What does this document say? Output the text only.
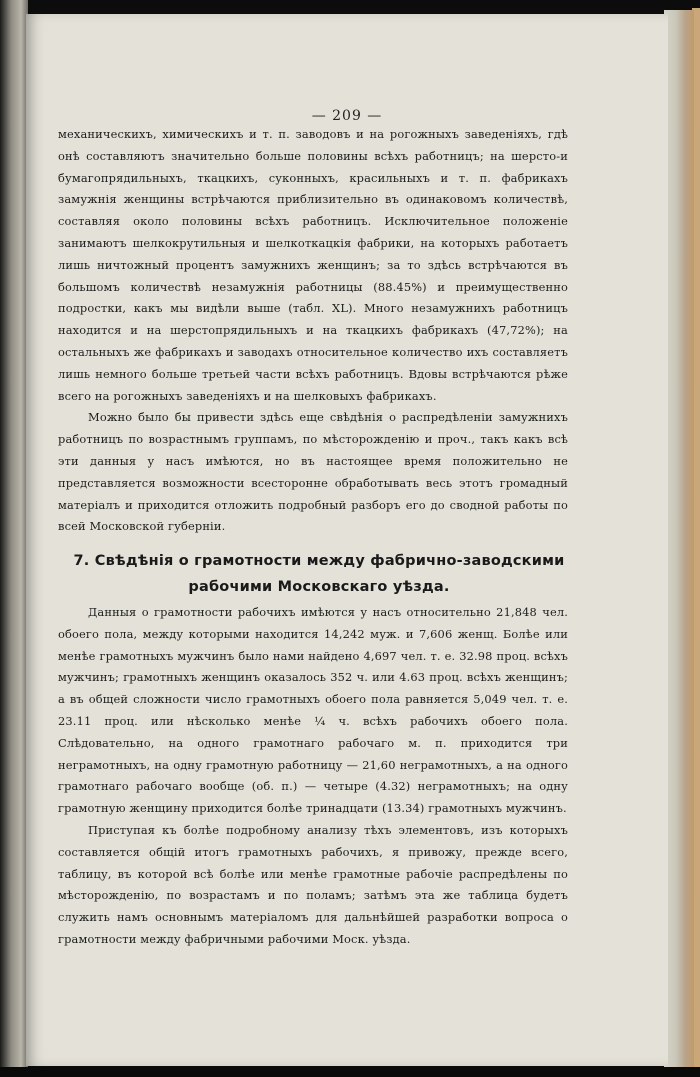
— 209 —

механическихъ, химическихъ и т. п. заводовъ и на рогожныхъ заведеніяхъ, гдѣ онѣ составляютъ значительно больше половины всѣхъ работницъ; на шерсто-и бумагопрядильныхъ, ткацкихъ, суконныхъ, красильныхъ и т. п. фабрикахъ замужнія женщины встрѣчаются приблизительно въ одинаковомъ количествѣ, составляя около половины всѣхъ работницъ. Исключительное положеніе занимаютъ шелкокрутильныя и шелкоткацкія фабрики, на которыхъ работаетъ лишь ничтожный процентъ замужнихъ женщинъ; за то здѣсь встрѣчаются въ большомъ количествѣ незамужнія работницы (88.45%) и преимущественно подростки, какъ мы видѣли выше (табл. XL). Много незамужнихъ работницъ находится и на шерстопрядильныхъ и на ткацкихъ фабрикахъ (47,72%); на остальныхъ же фабрикахъ и заводахъ относительное количество ихъ составляетъ лишь немного больше третьей части всѣхъ работницъ. Вдовы встрѣчаются рѣже всего на рогожныхъ заведеніяхъ и на шелковыхъ фабрикахъ.

Можно было бы привести здѣсь еще свѣдѣнія о распредѣленіи замужнихъ работницъ по возрастнымъ группамъ, по мѣсторожденію и проч., такъ какъ всѣ эти данныя у насъ имѣются, но въ настоящее время положительно не представляется возможности всесторонне обработывать весь этотъ громадный матеріалъ и приходится отложить подробный разборъ его до сводной работы по всей Московской губерніи.

7. Свѣдѣнія о грамотности между фабрично-заводскими рабочими Московскаго уѣзда.

Данныя о грамотности рабочихъ имѣются у насъ относительно 21,848 чел. обоего пола, между которыми находится 14,242 муж. и 7,606 женщ. Болѣе или менѣе грамотныхъ мужчинъ было нами найдено 4,697 чел. т. е. 32.98 проц. всѣхъ мужчинъ; грамотныхъ женщинъ оказалось 352 ч. или 4.63 проц. всѣхъ женщинъ; а въ общей сложности число грамотныхъ обоего пола равняется 5,049 чел. т. е. 23.11 проц. или нѣсколько менѣе ¼ ч. всѣхъ рабочихъ обоего пола. Слѣдовательно, на одного грамотнаго рабочаго м. п. приходится три неграмотныхъ, на одну грамотную работницу — 21,60 неграмотныхъ, а на одного грамотнаго рабочаго вообще (об. п.) — четыре (4.32) неграмотныхъ; на одну грамотную женщину приходится болѣе тринадцати (13.34) грамотныхъ мужчинъ.

Приступая къ болѣе подробному анализу тѣхъ элементовъ, изъ которыхъ составляется общій итогъ грамотныхъ рабочихъ, я привожу, прежде всего, таблицу, въ которой всѣ болѣе или менѣе грамотные рабочіе распредѣлены по мѣсторожденію, по возрастамъ и по поламъ; затѣмъ эта же таблица будетъ служить намъ основнымъ матеріаломъ для дальнѣйшей разработки вопроса о грамотности между фабричными рабочими Моск. уѣзда.
